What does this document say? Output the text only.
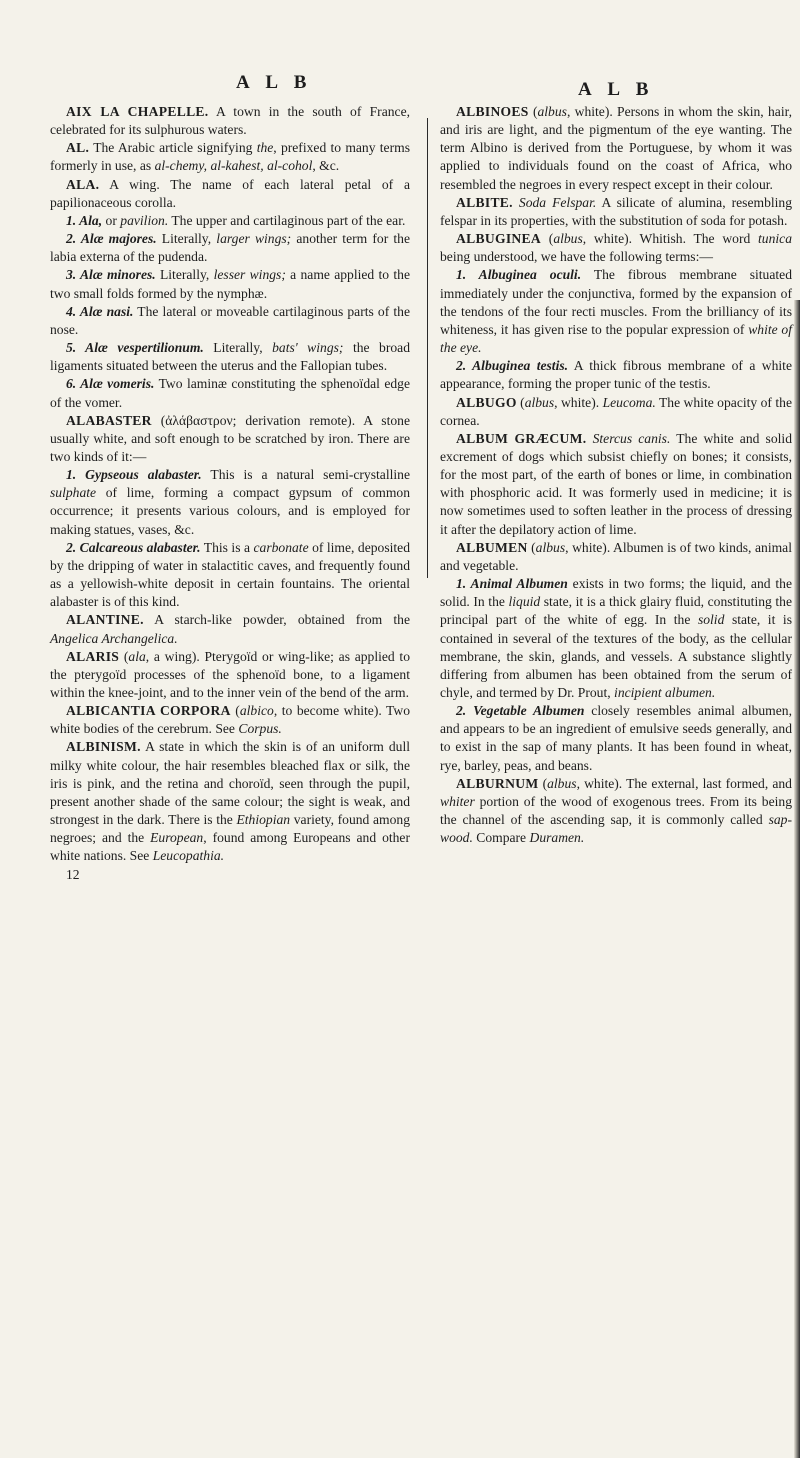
A L B	A L B

AIX LA CHAPELLE. A town in the south of France, celebrated for its sulphurous waters.

AL. The Arabic article signifying the, prefixed to many terms formerly in use, as al-chemy, al-kahest, al-cohol, &c.

ALA. A wing. The name of each lateral petal of a papilionaceous corolla.

1. Ala, or pavilion. The upper and cartilaginous part of the ear.

2. Alæ majores. Literally, larger wings; another term for the labia externa of the pudenda.

3. Alæ minores. Literally, lesser wings; a name applied to the two small folds formed by the nymphæ.

4. Alæ nasi. The lateral or moveable cartilaginous parts of the nose.

5. Alæ vespertilionum. Literally, bats' wings; the broad ligaments situated between the uterus and the Fallopian tubes.

6. Alæ vomeris. Two laminæ constituting the sphenoïdal edge of the vomer.

ALABASTER (ἀλάβαστρον; derivation remote). A stone usually white, and soft enough to be scratched by iron. There are two kinds of it:—

1. Gypseous alabaster. This is a natural semi-crystalline sulphate of lime, forming a compact gypsum of common occurrence; it presents various colours, and is employed for making statues, vases, &c.

2. Calcareous alabaster. This is a carbonate of lime, deposited by the dripping of water in stalactitic caves, and frequently found as a yellowish-white deposit in certain fountains. The oriental alabaster is of this kind.

ALANTINE. A starch-like powder, obtained from the Angelica Archangelica.

ALARIS (ala, a wing). Pterygoïd or wing-like; as applied to the pterygoïd processes of the sphenoïd bone, to a ligament within the knee-joint, and to the inner vein of the bend of the arm.

ALBICANTIA CORPORA (albico, to become white). Two white bodies of the cerebrum. See Corpus.

ALBINISM. A state in which the skin is of an uniform dull milky white colour, the hair resembles bleached flax or silk, the iris is pink, and the retina and choroïd, seen through the pupil, present another shade of the same colour; the sight is weak, and strongest in the dark. There is the Ethiopian variety, found among negroes; and the European, found among Europeans and other white nations. See Leucopathia.

12

ALBINOES (albus, white). Persons in whom the skin, hair, and iris are light, and the pigmentum of the eye wanting. The term Albino is derived from the Portuguese, by whom it was applied to individuals found on the coast of Africa, who resembled the negroes in every respect except in their colour.

ALBITE. Soda Felspar. A silicate of alumina, resembling felspar in its properties, with the substitution of soda for potash.

ALBUGINEA (albus, white). Whitish. The word tunica being understood, we have the following terms:—

1. Albuginea oculi. The fibrous membrane situated immediately under the conjunctiva, formed by the expansion of the tendons of the four recti muscles. From the brilliancy of its whiteness, it has given rise to the popular expression of white of the eye.

2. Albuginea testis. A thick fibrous membrane of a white appearance, forming the proper tunic of the testis.

ALBUGO (albus, white). Leucoma. The white opacity of the cornea.

ALBUM GRÆCUM. Stercus canis. The white and solid excrement of dogs which subsist chiefly on bones; it consists, for the most part, of the earth of bones or lime, in combination with phosphoric acid. It was formerly used in medicine; it is now sometimes used to soften leather in the process of dressing it after the depilatory action of lime.

ALBUMEN (albus, white). Albumen is of two kinds, animal and vegetable.

1. Animal Albumen exists in two forms; the liquid, and the solid. In the liquid state, it is a thick glairy fluid, constituting the principal part of the white of egg. In the solid state, it is contained in several of the textures of the body, as the cellular membrane, the skin, glands, and vessels. A substance slightly differing from albumen has been obtained from the serum of chyle, and termed by Dr. Prout, incipient albumen.

2. Vegetable Albumen closely resembles animal albumen, and appears to be an ingredient of emulsive seeds generally, and to exist in the sap of many plants. It has been found in wheat, rye, barley, peas, and beans.

ALBURNUM (albus, white). The external, last formed, and whiter portion of the wood of exogenous trees. From its being the channel of the ascending sap, it is commonly called sap-wood. Compare Duramen.
